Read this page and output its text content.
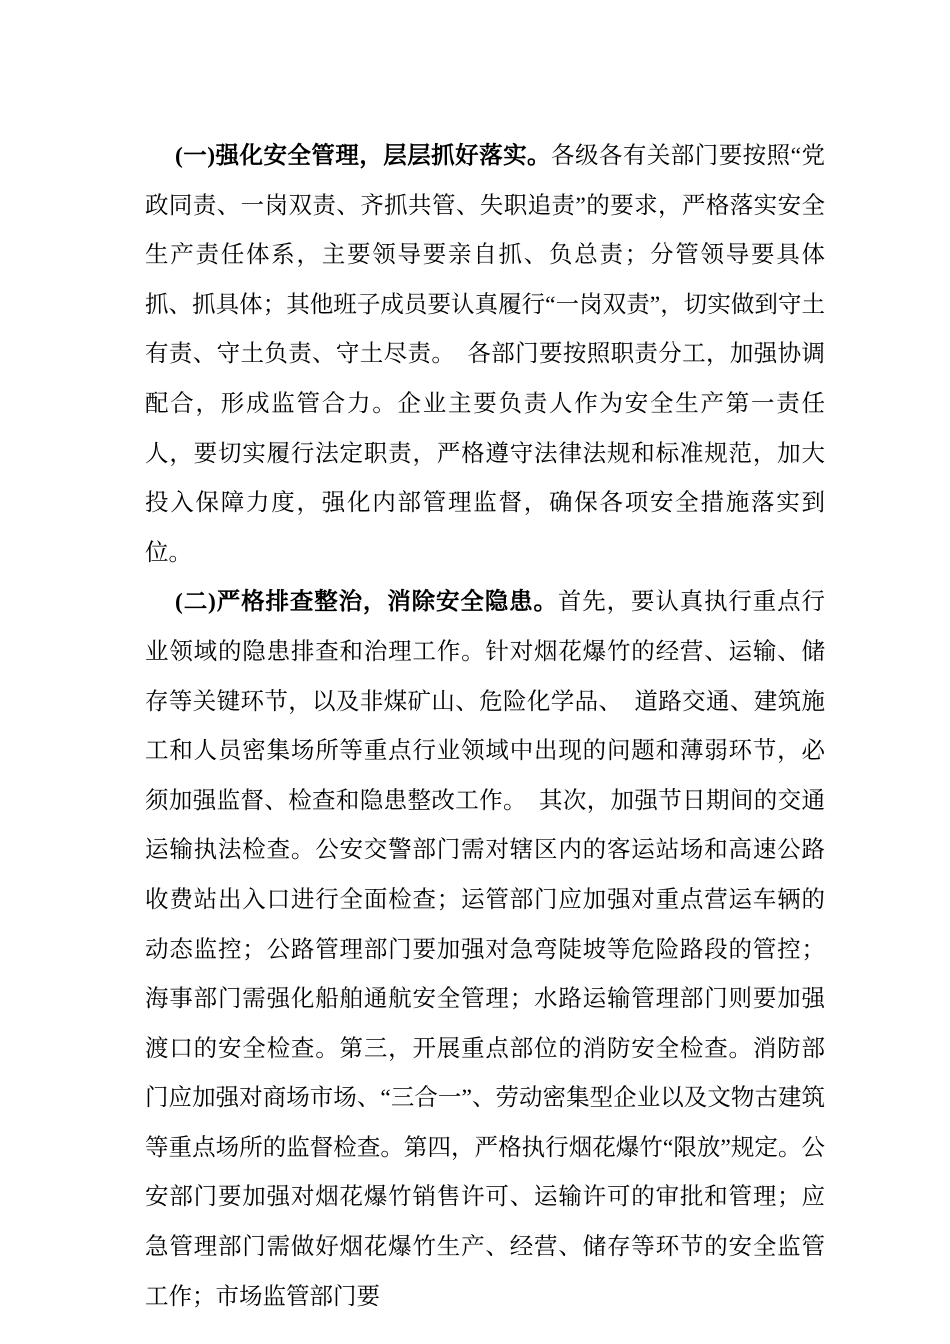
(一)强化安全管理，层层抓好落实。各级各有关部门要按照“党政同责、一岗双责、齐抓共管、失职追责”的要求，严格落实安全生产责任体系，主要领导要亲自抓、负总责；分管领导要具体抓、抓具体；其他班子成员要认真履行“一岗双责”，切实做到守土有责、守土负责、守土尽责。　各部门要按照职责分工，加强协调配合，形成监管合力。企业主要负责人作为安全生产第一责任人，要切实履行法定职责，严格遵守法律法规和标准规范，加大投入保障力度，强化内部管理监督，确保各项安全措施落实到位。

(二)严格排查整治，消除安全隐患。首先，要认真执行重点行业领域的隐患排查和治理工作。针对烟花爆竹的经营、运输、储存等关键环节，以及非煤矿山、危险化学品、　道路交通、建筑施工和人员密集场所等重点行业领域中出现的问题和薄弱环节，必须加强监督、检查和隐患整改工作。　其次，加强节日期间的交通运输执法检查。公安交警部门需对辖区内的客运站场和高速公路收费站出入口进行全面检查；运管部门应加强对重点营运车辆的动态监控；公路管理部门要加强对急弯陡坡等危险路段的管控；海事部门需强化船舶通航安全管理；水路运输管理部门则要加强渡口的安全检查。第三，开展重点部位的消防安全检查。消防部门应加强对商场市场、“三合一”、劳动密集型企业以及文物古建筑等重点场所的监督检查。第四，严格执行烟花爆竹“限放”规定。公安部门要加强对烟花爆竹销售许可、运输许可的审批和管理；应急管理部门需做好烟花爆竹生产、经营、储存等环节的安全监管工作；市场监管部门要
